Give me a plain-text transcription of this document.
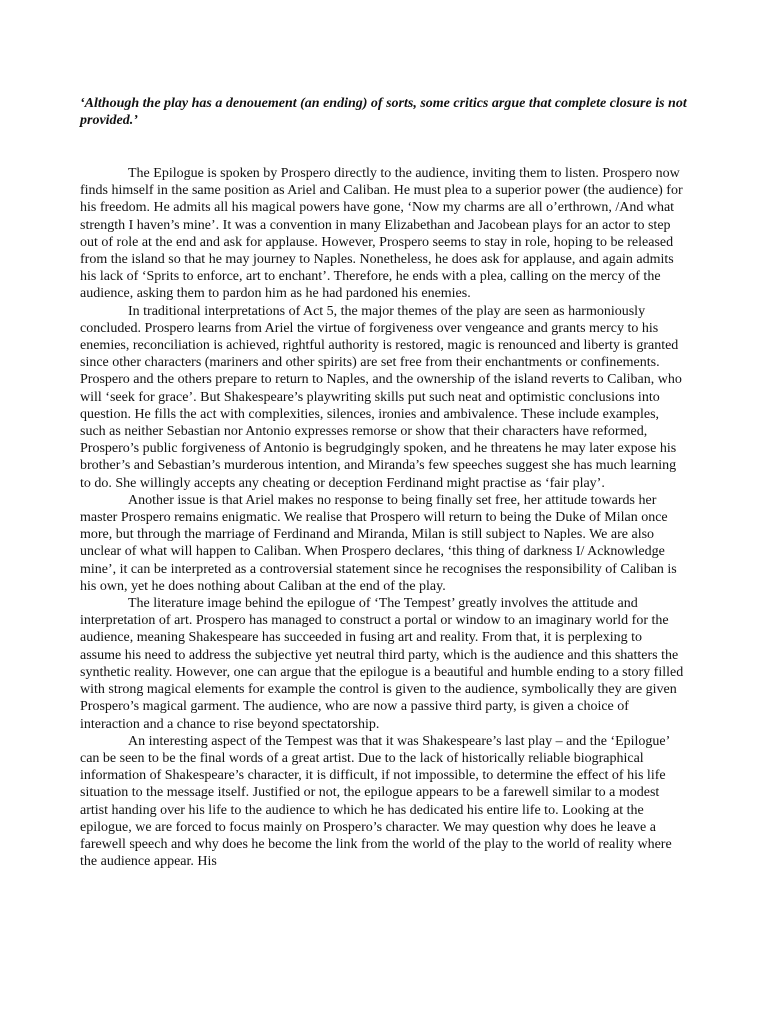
‘Although the play has a denouement (an ending) of sorts, some critics argue that complete closure is not provided.’

The Epilogue is spoken by Prospero directly to the audience, inviting them to listen. Prospero now finds himself in the same position as Ariel and Caliban. He must plea to a superior power (the audience) for his freedom. He admits all his magical powers have gone, ‘Now my charms are all o’erthrown, /And what strength I haven’s mine’. It was a convention in many Elizabethan and Jacobean plays for an actor to step out of role at the end and ask for applause. However, Prospero seems to stay in role, hoping to be released from the island so that he may journey to Naples. Nonetheless, he does ask for applause, and again admits his lack of ‘Sprits to enforce, art to enchant’. Therefore, he ends with a plea, calling on the mercy of the audience, asking them to pardon him as he had pardoned his enemies.

In traditional interpretations of Act 5, the major themes of the play are seen as harmoniously concluded. Prospero learns from Ariel the virtue of forgiveness over vengeance and grants mercy to his enemies, reconciliation is achieved, rightful authority is restored, magic is renounced and liberty is granted since other characters (mariners and other spirits) are set free from their enchantments or confinements. Prospero and the others prepare to return to Naples, and the ownership of the island reverts to Caliban, who will ‘seek for grace’. But Shakespeare’s playwriting skills put such neat and optimistic conclusions into question. He fills the act with complexities, silences, ironies and ambivalence. These include examples, such as neither Sebastian nor Antonio expresses remorse or show that their characters have reformed, Prospero’s public forgiveness of Antonio is begrudgingly spoken, and he threatens he may later expose his brother’s and Sebastian’s murderous intention, and Miranda’s few speeches suggest she has much learning to do. She willingly accepts any cheating or deception Ferdinand might practise as ‘fair play’.

Another issue is that Ariel makes no response to being finally set free, her attitude towards her master Prospero remains enigmatic. We realise that Prospero will return to being the Duke of Milan once more, but through the marriage of Ferdinand and Miranda, Milan is still subject to Naples. We are also unclear of what will happen to Caliban. When Prospero declares, ‘this thing of darkness I/ Acknowledge mine’, it can be interpreted as a controversial statement since he recognises the responsibility of Caliban is his own, yet he does nothing about Caliban at the end of the play.

The literature image behind the epilogue of ‘The Tempest’ greatly involves the attitude and interpretation of art. Prospero has managed to construct a portal or window to an imaginary world for the audience, meaning Shakespeare has succeeded in fusing art and reality. From that, it is perplexing to assume his need to address the subjective yet neutral third party, which is the audience and this shatters the synthetic reality. However, one can argue that the epilogue is a beautiful and humble ending to a story filled with strong magical elements for example the control is given to the audience, symbolically they are given Prospero’s magical garment. The audience, who are now a passive third party, is given a choice of interaction and a chance to rise beyond spectatorship.

An interesting aspect of the Tempest was that it was Shakespeare’s last play – and the ‘Epilogue’ can be seen to be the final words of a great artist. Due to the lack of historically reliable biographical information of Shakespeare’s character, it is difficult, if not impossible, to determine the effect of his life situation to the message itself. Justified or not, the epilogue appears to be a farewell similar to a modest artist handing over his life to the audience to which he has dedicated his entire life to. Looking at the epilogue, we are forced to focus mainly on Prospero’s character. We may question why does he leave a farewell speech and why does he become the link from the world of the play to the world of reality where the audience appear. His
